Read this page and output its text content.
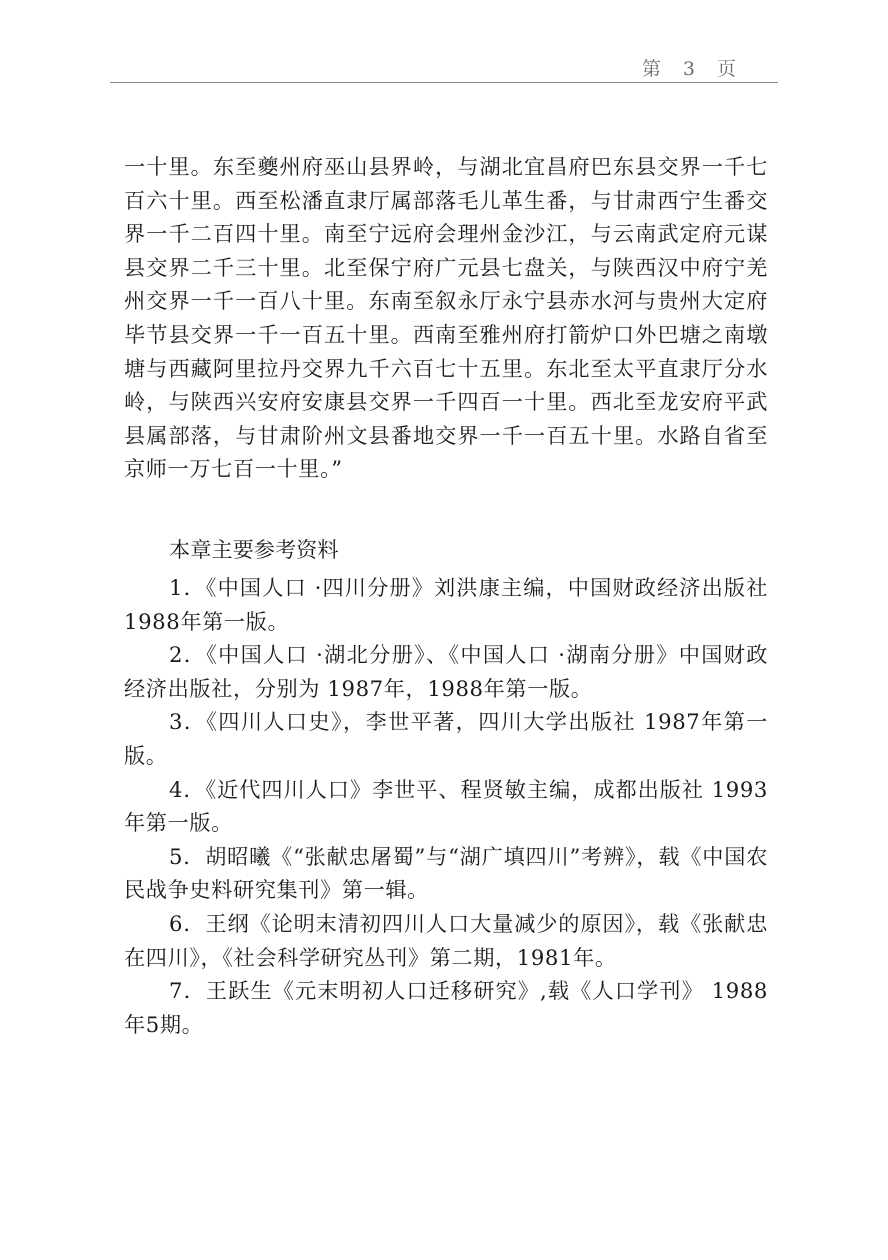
第 3 页

一十里。东至夔州府巫山县界岭，与湖北宜昌府巴东县交界一千七百六十里。西至松潘直隶厅属部落毛儿革生番，与甘肃西宁生番交界一千二百四十里。南至宁远府会理州金沙江，与云南武定府元谋县交界二千三十里。北至保宁府广元县七盘关，与陕西汉中府宁羌州交界一千一百八十里。东南至叙永厅永宁县赤水河与贵州大定府毕节县交界一千一百五十里。西南至雅州府打箭炉口外巴塘之南墩塘与西藏阿里拉丹交界九千六百七十五里。东北至太平直隶厅分水岭，与陕西兴安府安康县交界一千四百一十里。西北至龙安府平武县属部落，与甘肃阶州文县番地交界一千一百五十里。水路自省至京师一万七百一十里。”

本章主要参考资料

1．《中国人口 ·四川分册》刘洪康主编，中国财政经济出版社 1988年第一版。

2．《中国人口 ·湖北分册》、《中国人口 ·湖南分册》中国财政经济出版社，分别为 1987年，1988年第一版。

3．《四川人口史》，李世平著，四川大学出版社 1987年第一版。

4．《近代四川人口》李世平、程贤敏主编，成都出版社 1993年第一版。

5．胡昭曦《“张献忠屠蜀”与“湖广填四川”考辨》，载《中国农民战争史料研究集刊》第一辑。

6．王纲《论明末清初四川人口大量减少的原因》，载《张献忠在四川》，《社会科学研究丛刊》第二期，1981年。

7．王跃生《元末明初人口迁移研究》,载《人口学刊》 1988年5期。
